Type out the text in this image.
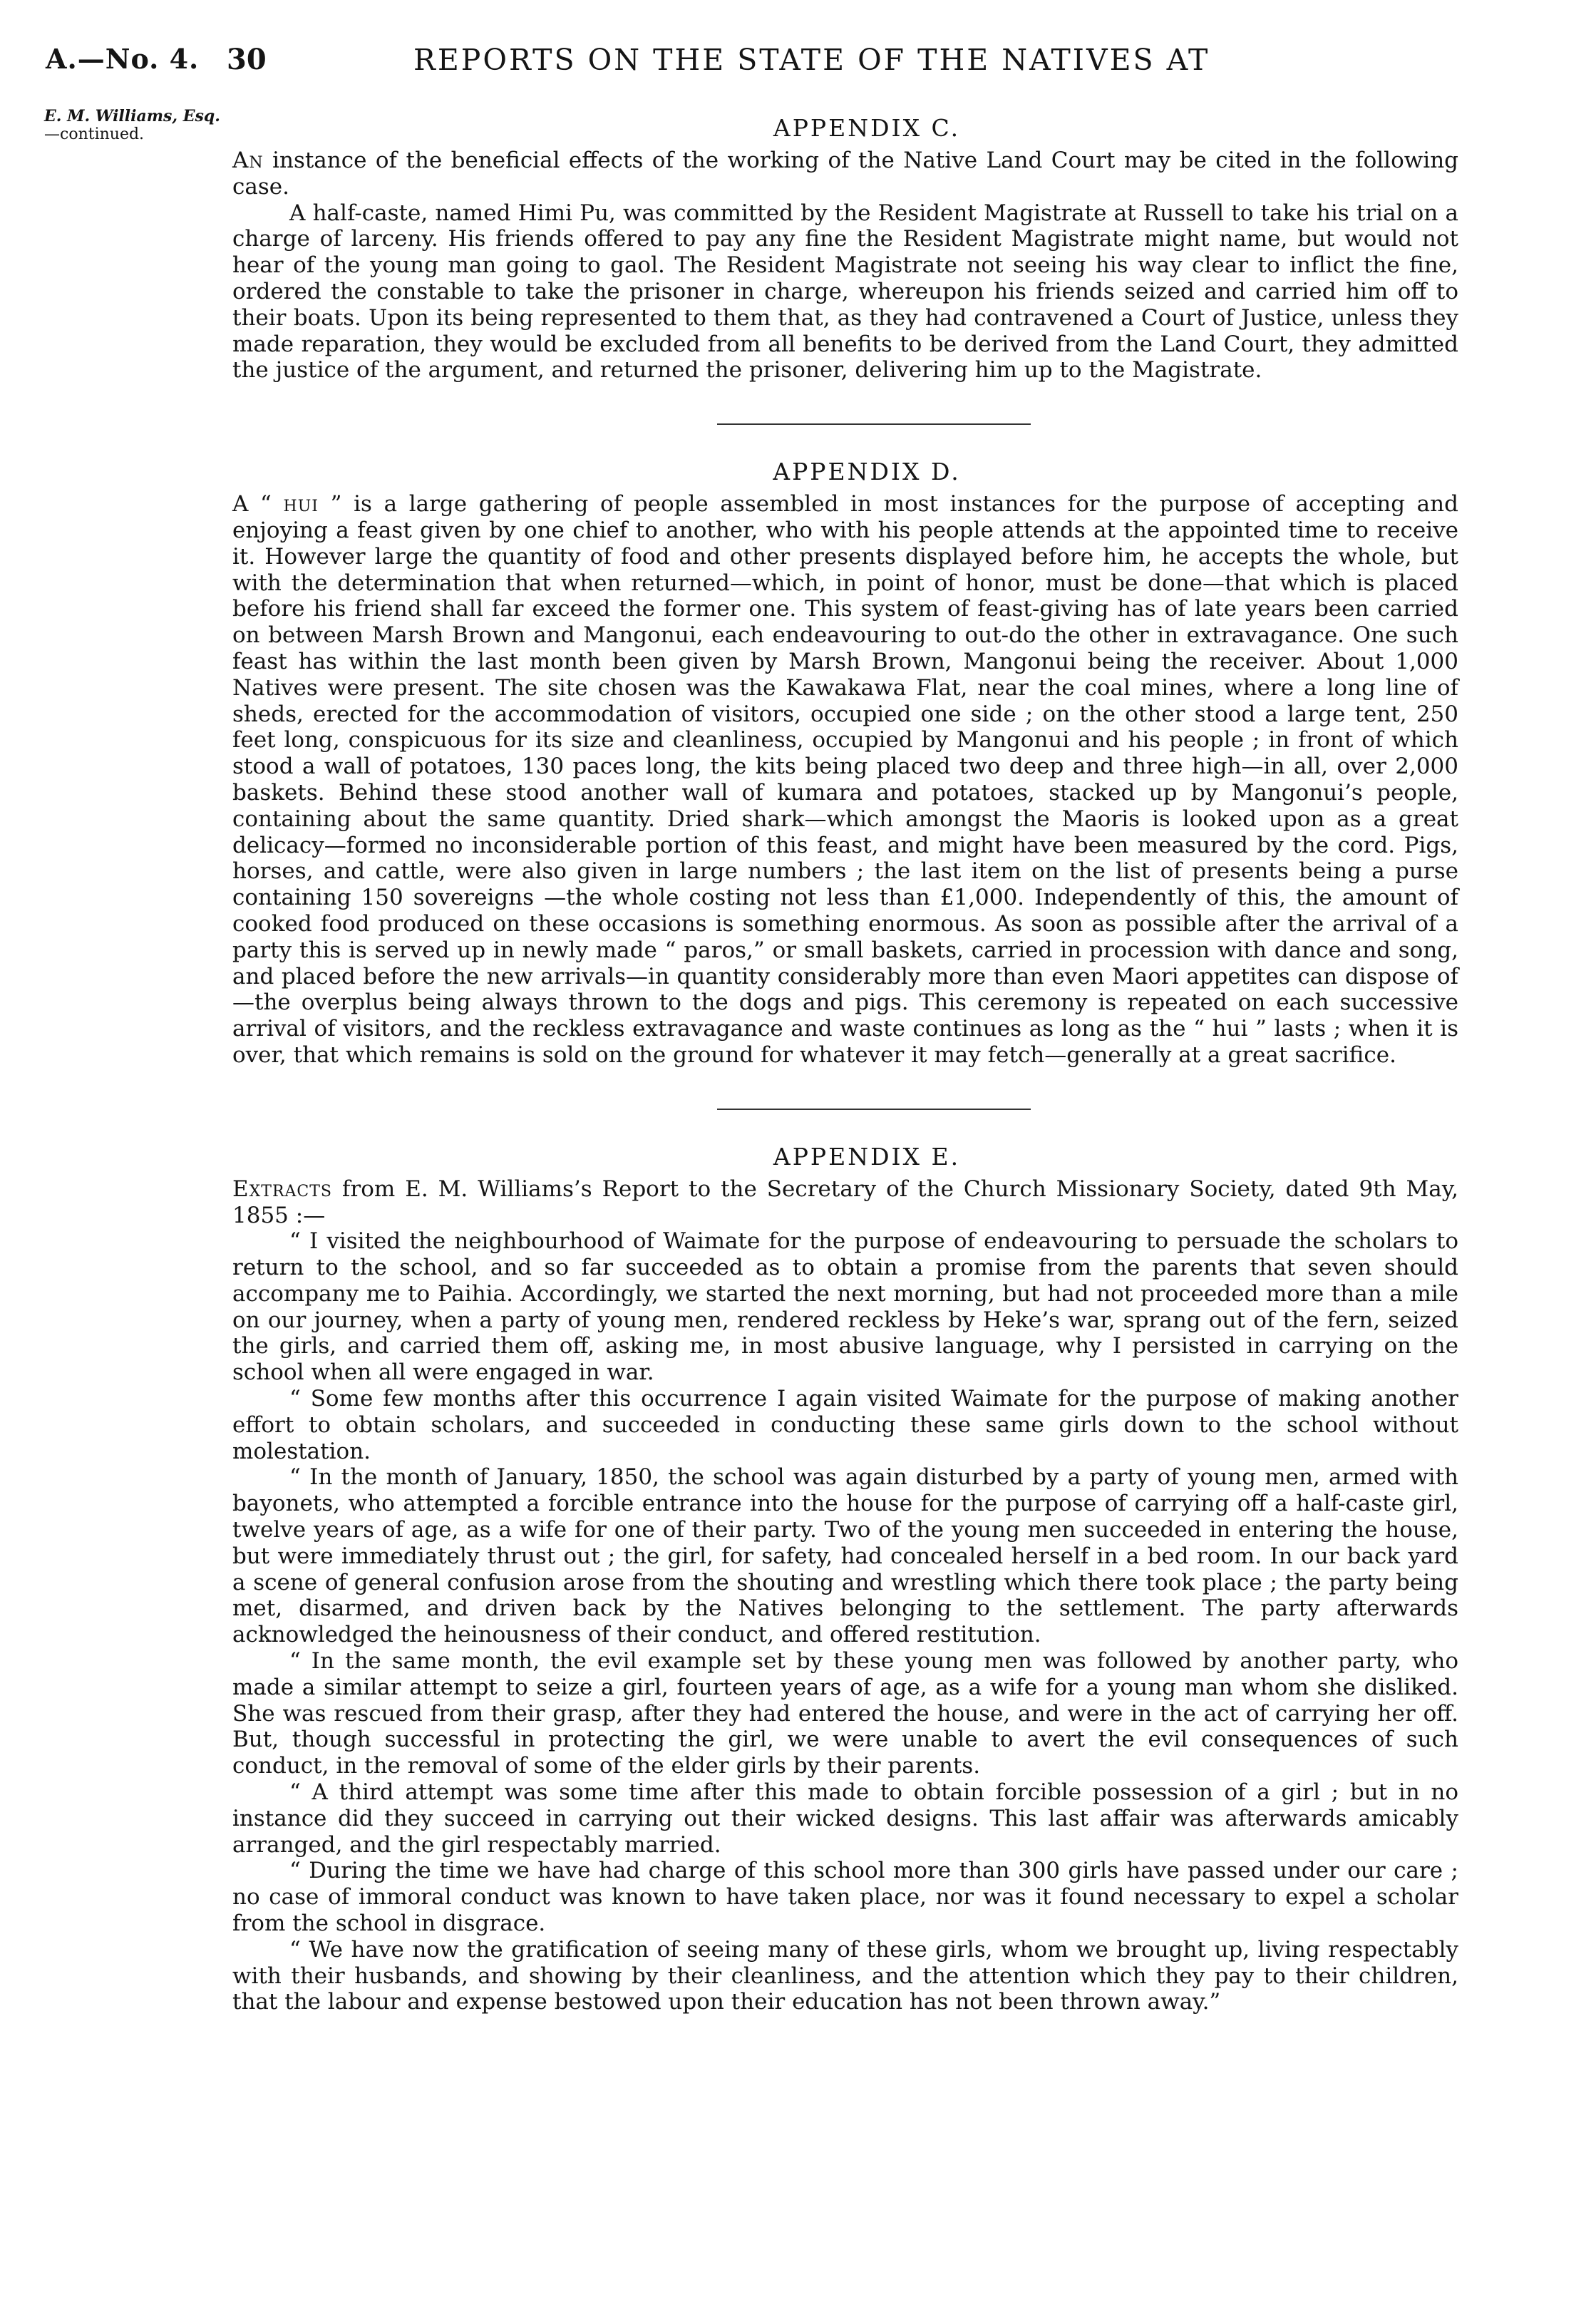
A.—No. 4. 30	REPORTS ON THE STATE OF THE NATIVES AT
E. M. Williams, Esq.
—continued.	APPENDIX C.

An instance of the beneficial effects of the working of the Native Land Court may be cited in the following case.

A half-caste, named Himi Pu, was committed by the Resident Magistrate at Russell to take his trial on a charge of larceny. His friends offered to pay any fine the Resident Magistrate might name, but would not hear of the young man going to gaol. The Resident Magistrate not seeing his way clear to inflict the fine, ordered the constable to take the prisoner in charge, whereupon his friends seized and carried him off to their boats. Upon its being represented to them that, as they had contravened a Court of Justice, unless they made reparation, they would be excluded from all benefits to be derived from the Land Court, they admitted the justice of the argument, and returned the prisoner, delivering him up to the Magistrate.

APPENDIX D.

A “ hui ” is a large gathering of people assembled in most instances for the purpose of accepting and enjoying a feast given by one chief to another, who with his people attends at the appointed time to receive it. However large the quantity of food and other presents displayed before him, he accepts the whole, but with the determination that when returned—which, in point of honor, must be done—that which is placed before his friend shall far exceed the former one. This system of feast-giving has of late years been carried on between Marsh Brown and Mangonui, each endeavouring to out-do the other in extravagance. One such feast has within the last month been given by Marsh Brown, Mangonui being the receiver. About 1,000 Natives were present. The site chosen was the Kawakawa Flat, near the coal mines, where a long line of sheds, erected for the accommodation of visitors, occupied one side ; on the other stood a large tent, 250 feet long, conspicuous for its size and cleanliness, occupied by Mangonui and his people ; in front of which stood a wall of potatoes, 130 paces long, the kits being placed two deep and three high—in all, over 2,000 baskets. Behind these stood another wall of kumara and potatoes, stacked up by Mangonui’s people, containing about the same quantity. Dried shark—which amongst the Maoris is looked upon as a great delicacy—formed no inconsiderable portion of this feast, and might have been measured by the cord. Pigs, horses, and cattle, were also given in large numbers ; the last item on the list of presents being a purse containing 150 sovereigns —the whole costing not less than £1,000. Independently of this, the amount of cooked food produced on these occasions is something enormous. As soon as possible after the arrival of a party this is served up in newly made “ paros,” or small baskets, carried in procession with dance and song, and placed before the new arrivals—in quantity considerably more than even Maori appetites can dispose of—the overplus being always thrown to the dogs and pigs. This ceremony is repeated on each successive arrival of visitors, and the reckless extravagance and waste continues as long as the “ hui ” lasts ; when it is over, that which remains is sold on the ground for whatever it may fetch—generally at a great sacrifice.

APPENDIX E.

Extracts from E. M. Williams’s Report to the Secretary of the Church Missionary Society, dated 9th May, 1855 :—

“ I visited the neighbourhood of Waimate for the purpose of endeavouring to persuade the scholars to return to the school, and so far succeeded as to obtain a promise from the parents that seven should accompany me to Paihia. Accordingly, we started the next morning, but had not proceeded more than a mile on our journey, when a party of young men, rendered reckless by Heke’s war, sprang out of the fern, seized the girls, and carried them off, asking me, in most abusive language, why I persisted in carrying on the school when all were engaged in war.

“ Some few months after this occurrence I again visited Waimate for the purpose of making another effort to obtain scholars, and succeeded in conducting these same girls down to the school without molestation.

“ In the month of January, 1850, the school was again disturbed by a party of young men, armed with bayonets, who attempted a forcible entrance into the house for the purpose of carrying off a half-caste girl, twelve years of age, as a wife for one of their party. Two of the young men succeeded in entering the house, but were immediately thrust out ; the girl, for safety, had concealed herself in a bed room. In our back yard a scene of general confusion arose from the shouting and wrestling which there took place ; the party being met, disarmed, and driven back by the Natives belonging to the settlement. The party afterwards acknowledged the heinousness of their conduct, and offered restitution.

“ In the same month, the evil example set by these young men was followed by another party, who made a similar attempt to seize a girl, fourteen years of age, as a wife for a young man whom she disliked. She was rescued from their grasp, after they had entered the house, and were in the act of carrying her off. But, though successful in protecting the girl, we were unable to avert the evil consequences of such conduct, in the removal of some of the elder girls by their parents.

“ A third attempt was some time after this made to obtain forcible possession of a girl ; but in no instance did they succeed in carrying out their wicked designs. This last affair was afterwards amicably arranged, and the girl respectably married.

“ During the time we have had charge of this school more than 300 girls have passed under our care ; no case of immoral conduct was known to have taken place, nor was it found necessary to expel a scholar from the school in disgrace.

“ We have now the gratification of seeing many of these girls, whom we brought up, living respectably with their husbands, and showing by their cleanliness, and the attention which they pay to their children, that the labour and expense bestowed upon their education has not been thrown away.”
